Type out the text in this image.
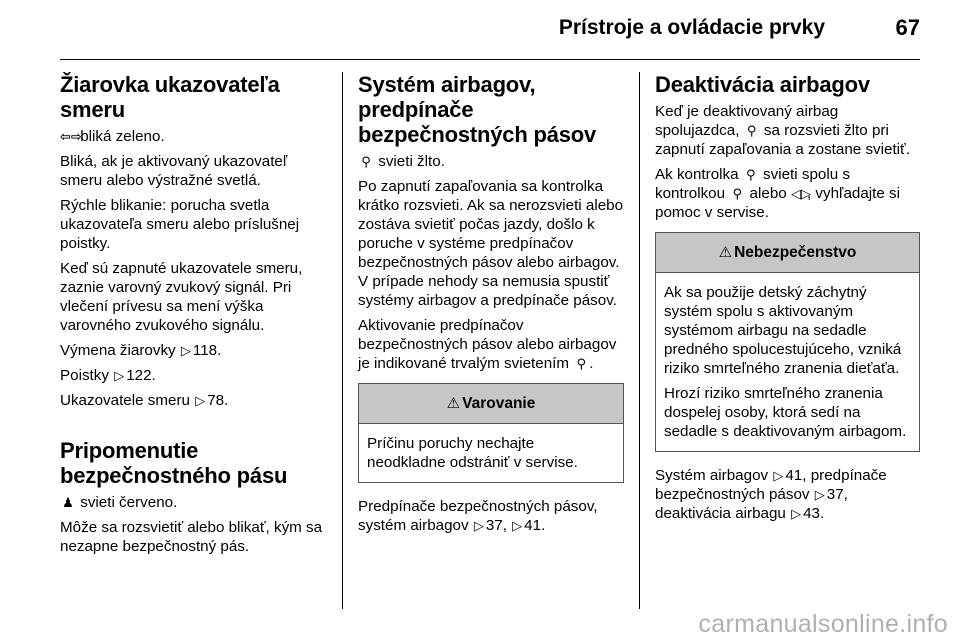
Prístroje a ovládacie prvky	67
Žiarovka ukazovateľa smeru

⇦⇨ bliká zeleno.

Bliká, ak je aktivovaný ukazovateľ smeru alebo výstražné svetlá.

Rýchle blikanie: porucha svetla ukazovateľa smeru alebo príslušnej poistky.

Keď sú zapnuté ukazovatele smeru, zaznie varovný zvukový signál. Pri vlečení prívesu sa mení výška varovného zvukového signálu.

Výmena žiarovky ▷ 118.

Poistky ▷ 122.

Ukazovatele smeru ▷ 78.

Pripomenutie bezpečnostného pásu

♟ svieti červeno.

Môže sa rozsvietiť alebo blikať, kým sa nezapne bezpečnostný pás.

Systém airbagov, predpínače bezpečnostných pásov

⚲ svieti žlto.

Po zapnutí zapaľovania sa kontrolka krátko rozsvieti. Ak sa nerozsvieti alebo zostáva svietiť počas jazdy, došlo k poruche v systéme predpínačov bezpečnostných pásov alebo airbagov. V prípade nehody sa nemusia spustiť systémy airbagov a predpínače pásov.

Aktivovanie predpínačov bezpečnostných pásov alebo airbagov je indikované trvalým svietením ⚲ .

⚠ Varovanie

Príčinu poruchy nechajte neodkladne odstrániť v servise.

Predpínače bezpečnostných pásov, systém airbagov ▷ 37, ▷ 41.

Deaktivácia airbagov

Keď je deaktivovaný airbag spolujazdca, ⚲ sa rozsvieti žlto pri zapnutí zapaľovania a zostane svietiť.

Ak kontrolka ⚲ svieti spolu s kontrolkou ⚲ alebo ◁▷, vyhľadajte si pomoc v servise.

⚠ Nebezpečenstvo

Ak sa použije detský záchytný systém spolu s aktivovaným systémom airbagu na sedadle predného spolucestujúceho, vzniká riziko smrteľného zranenia dieťaťa.

Hrozí riziko smrteľného zranenia dospelej osoby, ktorá sedí na sedadle s deaktivovaným airbagom.

Systém airbagov ▷ 41, predpínače bezpečnostných pásov ▷ 37,
deaktivácia airbagu ▷ 43.

carmanualsonline.info
